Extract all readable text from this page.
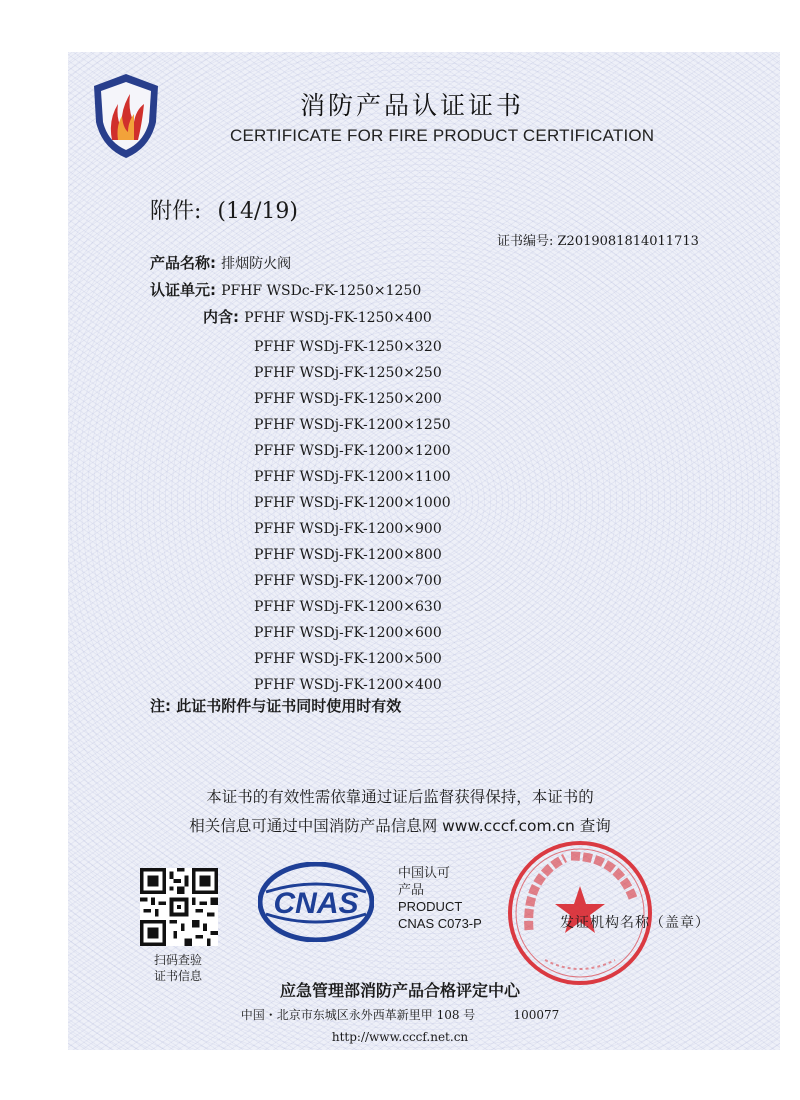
消防产品认证证书
CERTIFICATE FOR FIRE PRODUCT CERTIFICATION
附件: (14/19)
证书编号: Z2019081814011713
产品名称: 排烟防火阀
认证单元: PFHF WSDc-FK-1250×1250
内含: PFHF WSDj-FK-1250×400
PFHF WSDj-FK-1250×320
PFHF WSDj-FK-1250×250
PFHF WSDj-FK-1250×200
PFHF WSDj-FK-1200×1250
PFHF WSDj-FK-1200×1200
PFHF WSDj-FK-1200×1100
PFHF WSDj-FK-1200×1000
PFHF WSDj-FK-1200×900
PFHF WSDj-FK-1200×800
PFHF WSDj-FK-1200×700
PFHF WSDj-FK-1200×630
PFHF WSDj-FK-1200×600
PFHF WSDj-FK-1200×500
PFHF WSDj-FK-1200×400
注: 此证书附件与证书同时使用时有效
本证书的有效性需依靠通过证后监督获得保持，本证书的
相关信息可通过中国消防产品信息网 www.cccf.com.cn 查询
扫码查验
证书信息
CNAS
中国认可
产品
PRODUCT
CNAS C073-P	发证机构名称（盖章）
应急管理部消防产品合格评定中心
中国・北京市东城区永外西革新里甲 108 号          100077
http://www.cccf.net.cn
